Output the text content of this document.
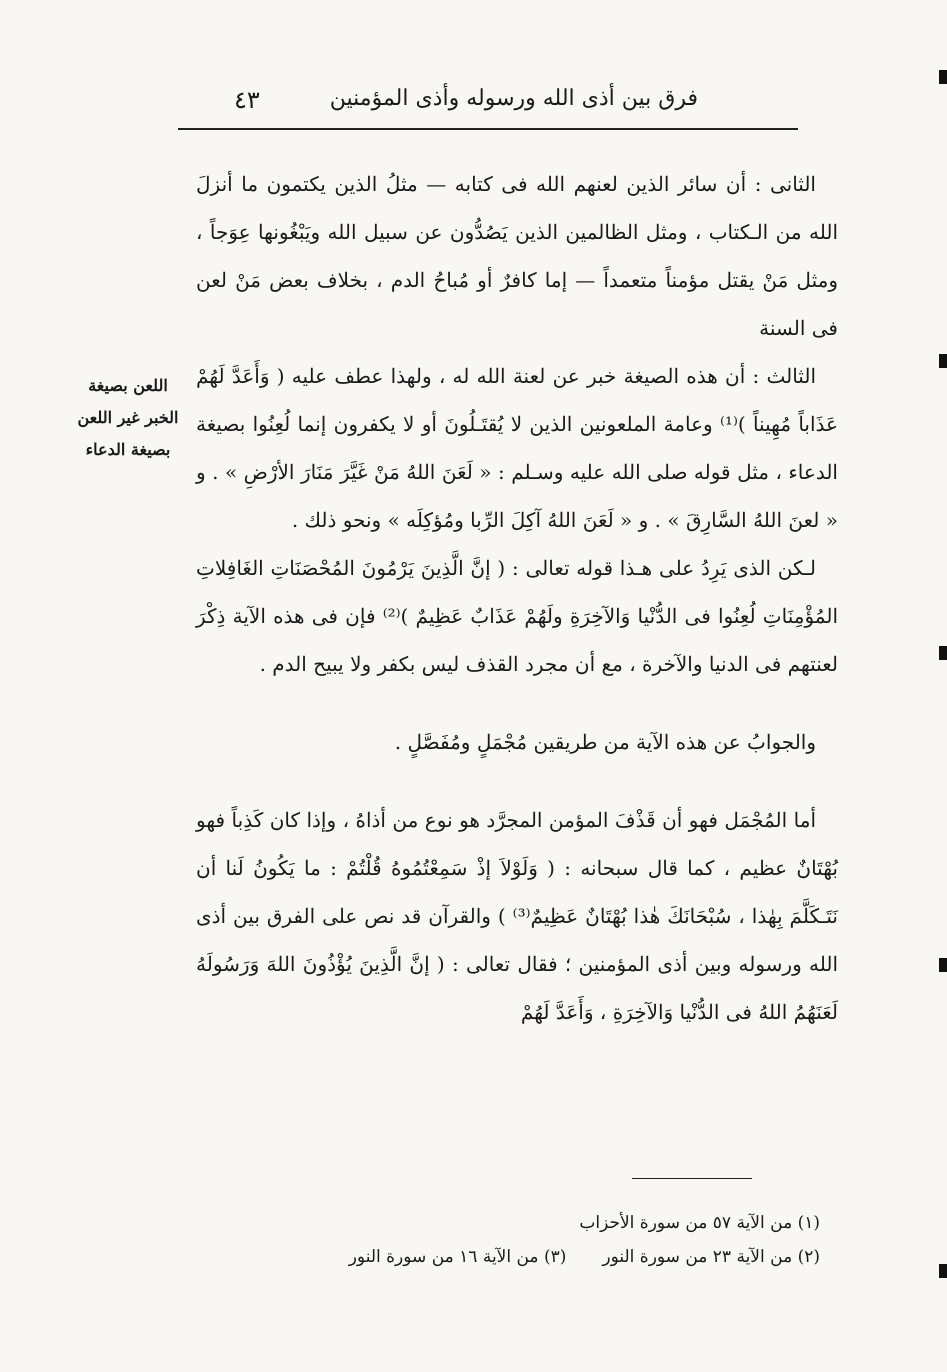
فرق بين أذى الله ورسوله وأذى المؤمنين
٤٣
اللعن بصيغة
الخبر غير اللعن
بصيغة الدعاء

الثانى : أن سائر الذين لعنهم الله فى كتابه — مثلُ الذين يكتمون ما أنزلَ الله من الـكتاب ، ومثل الظالمين الذين يَصُدُّون عن سبيل الله ويَبْغُونها عِوَجاً ، ومثل مَنْ يقتل مؤمناً متعمداً — إما كافرٌ أو مُباحُ الدم ، بخلاف بعض مَنْ لعن فى السنة

الثالث : أن هذه الصيغة خبر عن لعنة الله له ، ولهذا عطف عليه ( وَأَعَدَّ لَهُمْ عَذَاباً مُهِيناً )⁽¹⁾ وعامة الملعونين الذين لا يُقتَـلُونَ أو لا يكفرون إنما لُعِنُوا بصيغة الدعاء ، مثل قوله صلى الله عليه وسـلم : « لَعَنَ اللهُ مَنْ غَيَّرَ مَنَارَ الأرْضِ » . و « لعنَ اللهُ السَّارِقَ » . و « لَعَنَ اللهُ آكِلَ الرِّبا ومُؤكِلَه » ونحو ذلك .

لـكن الذى يَرِدُ على هـذا قوله تعالى : ( إنَّ الَّذِينَ يَرْمُونَ المُحْصَنَاتِ الغَافِلاتِ المُؤْمِنَاتِ لُعِنُوا فى الدُّنْيا وَالآخِرَةِ ولَهُمْ عَذَابٌ عَظِيمٌ )⁽²⁾ فإن فى هذه الآية ذِكْرَ لعنتهم فى الدنيا والآخرة ، مع أن مجرد القذف ليس بكفر ولا يبيح الدم .

والجوابُ عن هذه الآية من طريقين مُجْمَلٍ ومُفَصَّلٍ .

أما المُجْمَل فهو أن قَذْفَ المؤمن المجرَّد هو نوع من أذاهُ ، وإذا كان كَذِباً فهو بُهْتَانٌ عظيم ، كما قال سبحانه : ( وَلَوْلاَ إذْ سَمِعْتُمُوهُ قُلْتُمْ : ما يَكُونُ لَنا أن نَتَـكَلَّمَ بِهٰذا ، سُبْحَانَكَ هٰذا بُهْتَانٌ عَظِيمٌ⁽³⁾ ) والقرآن قد نص على الفرق بين أذى الله ورسوله وبين أذى المؤمنين ؛ فقال تعالى : ( إنَّ الَّذِينَ يُؤْذُونَ اللهَ وَرَسُولَهُ لَعَنَهُمُ اللهُ فى الدُّنْيا وَالآخِرَةِ ، وَأَعَدَّ لَهُمْ

(١) من الآية ٥٧ من سورة الأحزاب

(٢) من الآية ٢٣ من سورة النور(٣) من الآية ١٦ من سورة النور
